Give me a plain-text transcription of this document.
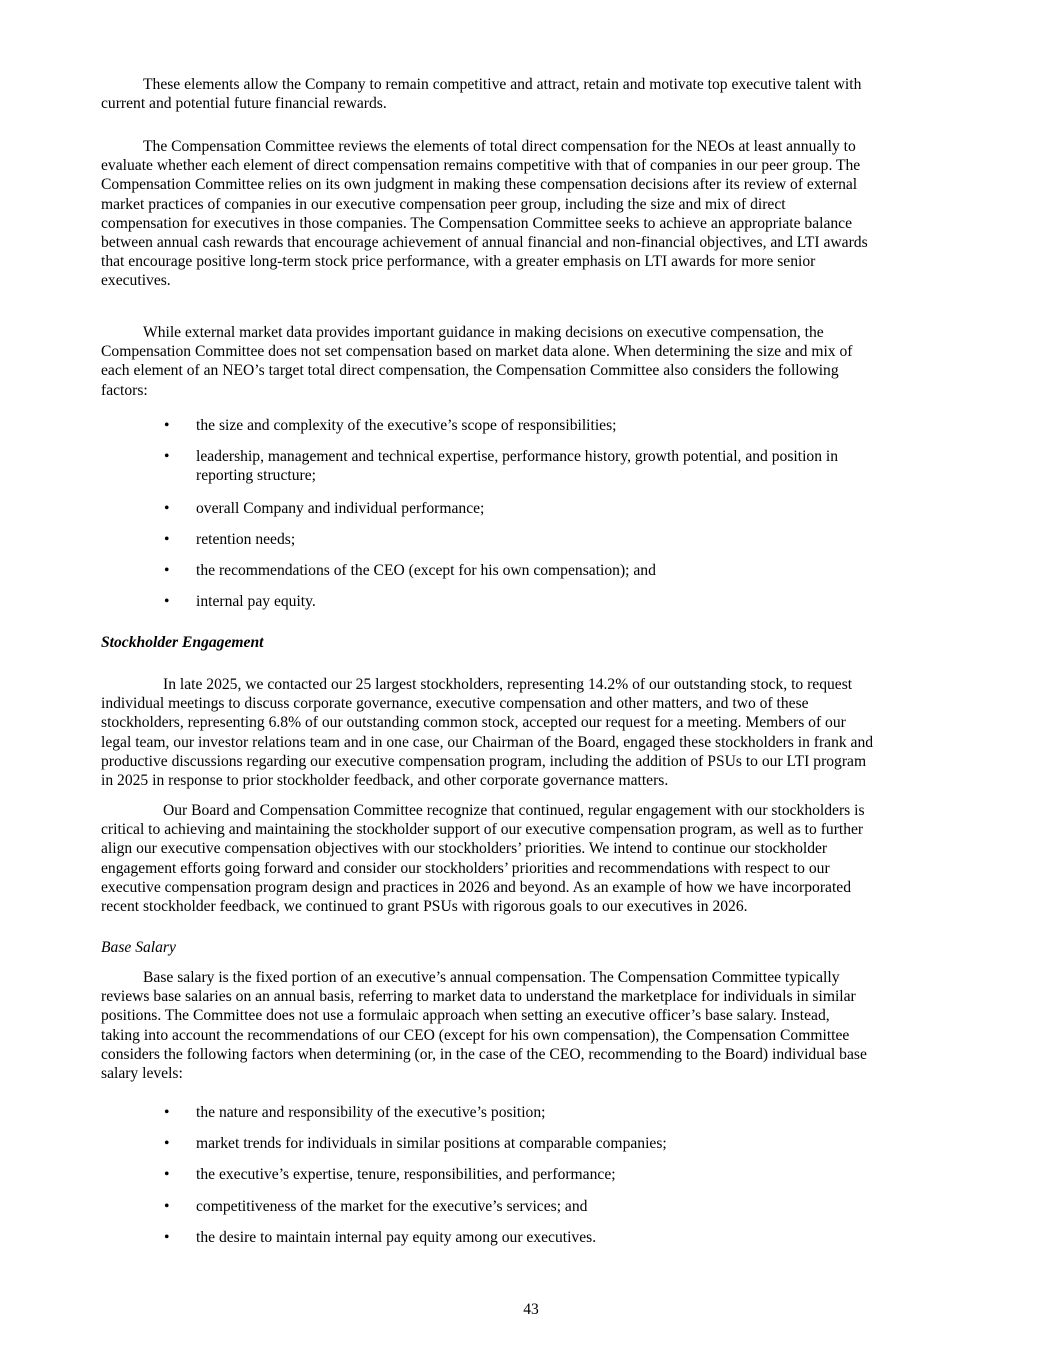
These elements allow the Company to remain competitive and attract, retain and motivate top executive talent with
current and potential future financial rewards.
The Compensation Committee reviews the elements of total direct compensation for the NEOs at least annually to
evaluate whether each element of direct compensation remains competitive with that of companies in our peer group. The
Compensation Committee relies on its own judgment in making these compensation decisions after its review of external
market practices of companies in our executive compensation peer group, including the size and mix of direct
compensation for executives in those companies. The Compensation Committee seeks to achieve an appropriate balance
between annual cash rewards that encourage achievement of annual financial and non-financial objectives, and LTI awards
that encourage positive long-term stock price performance, with a greater emphasis on LTI awards for more senior
executives.
While external market data provides important guidance in making decisions on executive compensation, the
Compensation Committee does not set compensation based on market data alone. When determining the size and mix of
each element of an NEO’s target total direct compensation, the Compensation Committee also considers the following
factors:
• the size and complexity of the executive’s scope of responsibilities;
• leadership, management and technical expertise, performance history, growth potential, and position in
reporting structure;
• overall Company and individual performance;
• retention needs;
• the recommendations of the CEO (except for his own compensation); and
• internal pay equity.
Stockholder Engagement
In late 2025, we contacted our 25 largest stockholders, representing 14.2% of our outstanding stock, to request
individual meetings to discuss corporate governance, executive compensation and other matters, and two of these
stockholders, representing 6.8% of our outstanding common stock, accepted our request for a meeting. Members of our
legal team, our investor relations team and in one case, our Chairman of the Board, engaged these stockholders in frank and
productive discussions regarding our executive compensation program, including the addition of PSUs to our LTI program
in 2025 in response to prior stockholder feedback, and other corporate governance matters.
Our Board and Compensation Committee recognize that continued, regular engagement with our stockholders is
critical to achieving and maintaining the stockholder support of our executive compensation program, as well as to further
align our executive compensation objectives with our stockholders’ priorities. We intend to continue our stockholder
engagement efforts going forward and consider our stockholders’ priorities and recommendations with respect to our
executive compensation program design and practices in 2026 and beyond. As an example of how we have incorporated
recent stockholder feedback, we continued to grant PSUs with rigorous goals to our executives in 2026.
Base Salary
Base salary is the fixed portion of an executive’s annual compensation. The Compensation Committee typically
reviews base salaries on an annual basis, referring to market data to understand the marketplace for individuals in similar
positions. The Committee does not use a formulaic approach when setting an executive officer’s base salary. Instead,
taking into account the recommendations of our CEO (except for his own compensation), the Compensation Committee
considers the following factors when determining (or, in the case of the CEO, recommending to the Board) individual base
salary levels:
• the nature and responsibility of the executive’s position;
• market trends for individuals in similar positions at comparable companies;
• the executive’s expertise, tenure, responsibilities, and performance;
• competitiveness of the market for the executive’s services; and
• the desire to maintain internal pay equity among our executives.
43
